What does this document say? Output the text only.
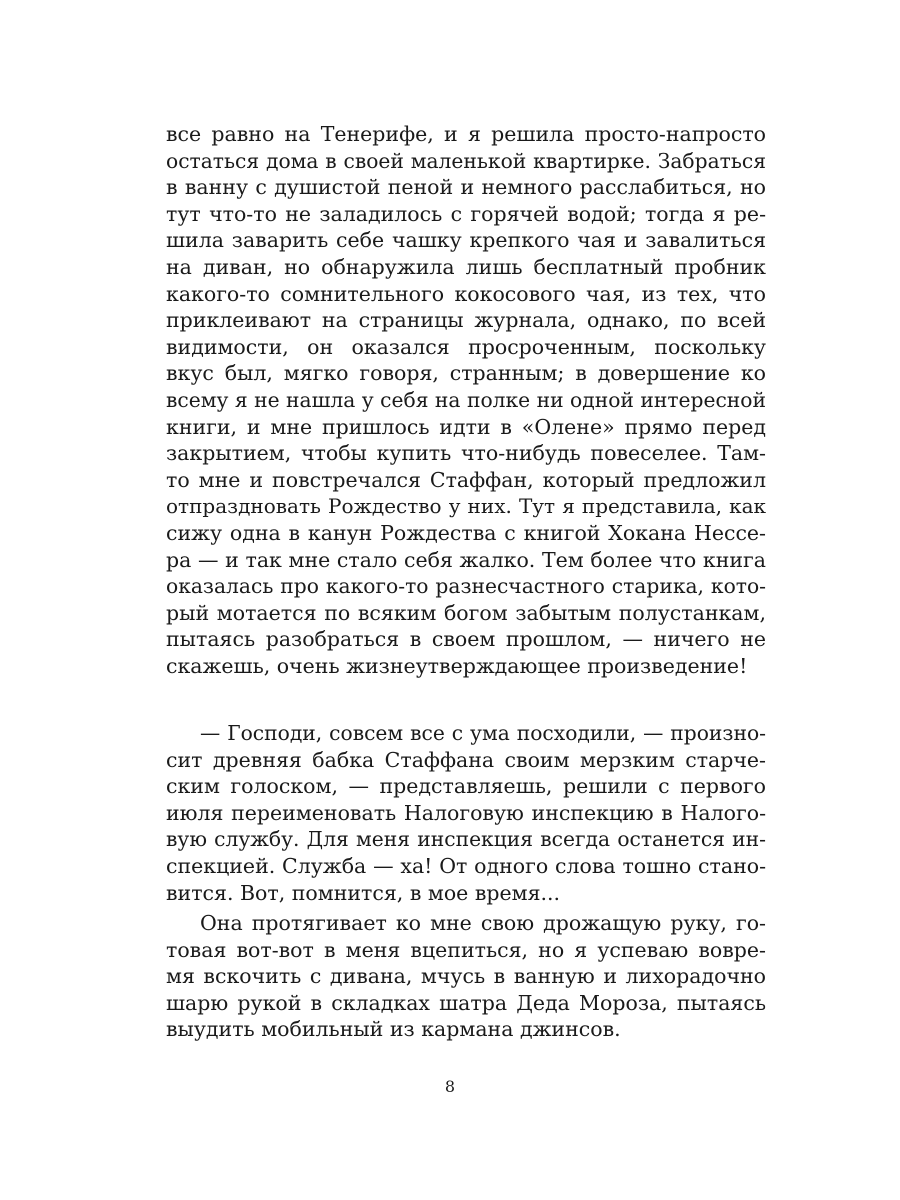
все равно на Тенерифе, и я решила просто-напросто
остаться дома в своей маленькой квартирке. Забраться
в ванну с душистой пеной и немного расслабиться, но
тут что-то не заладилось с горячей водой; тогда я ре-
шила заварить себе чашку крепкого чая и завалиться
на диван, но обнаружила лишь бесплатный пробник
какого-то сомнительного кокосового чая, из тех, что
приклеивают на страницы журнала, однако, по всей
видимости, он оказался просроченным, поскольку
вкус был, мягко говоря, странным; в довершение ко
всему я не нашла у себя на полке ни одной интересной
книги, и мне пришлось идти в «Олене» прямо перед
закрытием, чтобы купить что-нибудь повеселее. Там-
то мне и повстречался Стаффан, который предложил
отпраздновать Рождество у них. Тут я представила, как
сижу одна в канун Рождества с книгой Хокана Нессе-
ра — и так мне стало себя жалко. Тем более что книга
оказалась про какого-то разнесчастного старика, кото-
рый мотается по всяким богом забытым полустанкам,
пытаясь разобраться в своем прошлом, — ничего не
скажешь, очень жизнеутверждающее произведение!
— Господи, совсем все с ума посходили, — произно-
сит древняя бабка Стаффана своим мерзким старче-
ским голоском, — представляешь, решили с первого
июля переименовать Налоговую инспекцию в Налого-
вую службу. Для меня инспекция всегда останется ин-
спекцией. Служба — ха! От одного слова тошно стано-
вится. Вот, помнится, в мое время...
Она протягивает ко мне свою дрожащую руку, го-
товая вот-вот в меня вцепиться, но я успеваю вовре-
мя вскочить с дивана, мчусь в ванную и лихорадочно
шарю рукой в складках шатра Деда Мороза, пытаясь
выудить мобильный из кармана джинсов.
8
